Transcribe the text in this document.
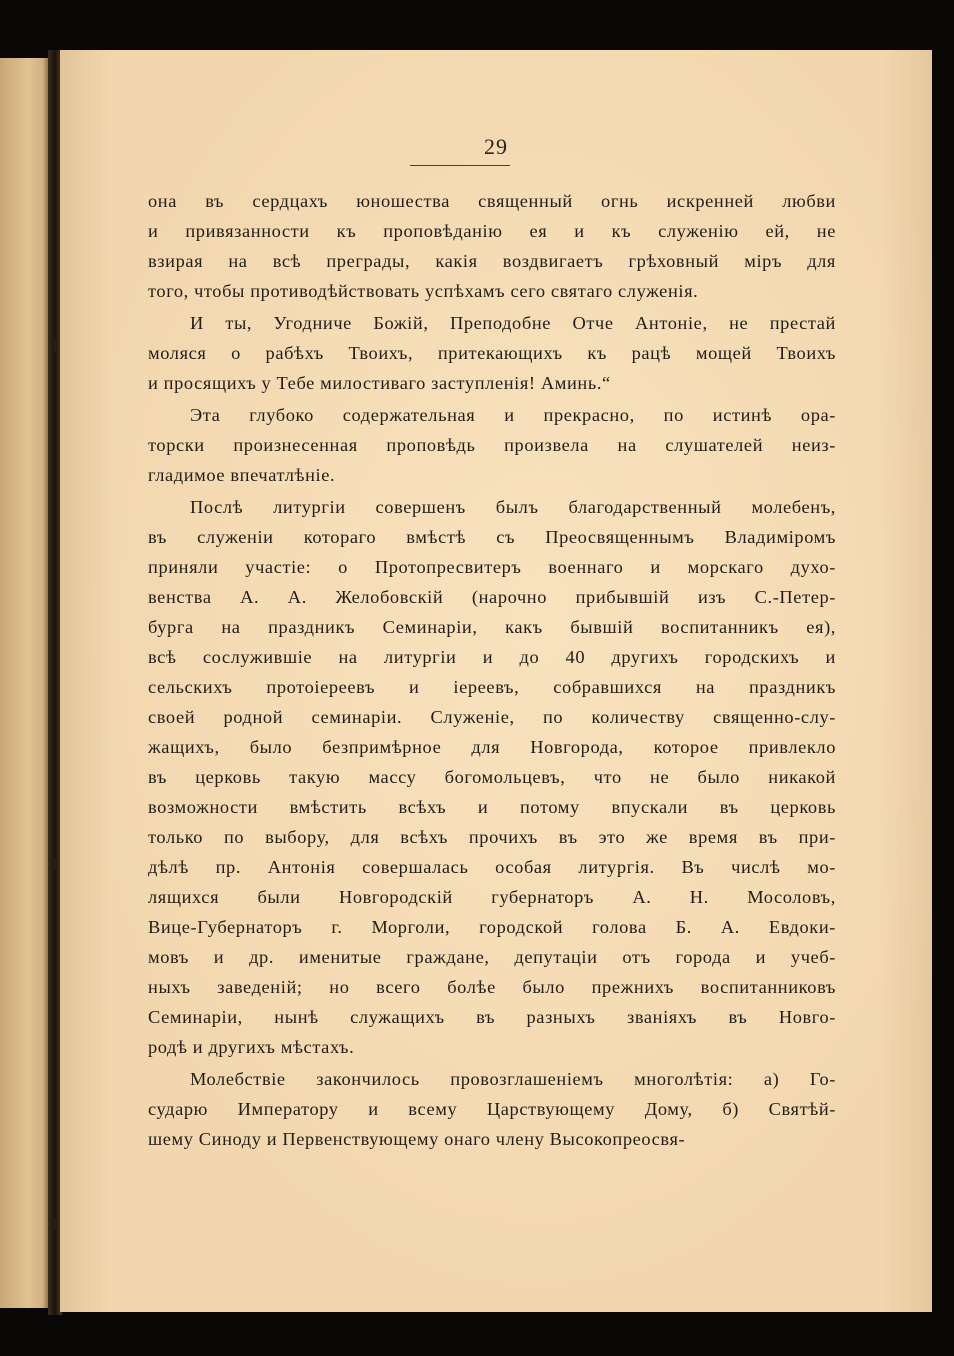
29
она въ сердцахъ юношества священный огнь искренней любви
и привязанности къ проповѣданію ея и къ служенію ей, не
взирая на всѣ преграды, какія воздвигаетъ грѣховный міръ для
того, чтобы противодѣйствовать успѣхамъ сего святаго служенія.
И ты, Угодниче Божій, Преподобне Отче Антоніе, не престай
моляся о рабѣхъ Твоихъ, притекающихъ къ рацѣ мощей Твоихъ
и просящихъ у Тебе милостиваго заступленія! Аминь.“
Эта глубоко содержательная и прекрасно, по истинѣ ора-
торски произнесенная проповѣдь произвела на слушателей неиз-
гладимое впечатлѣніе.
Послѣ литургіи совершенъ былъ благодарственный молебенъ,
въ служеніи котораго вмѣстѣ съ Преосвященнымъ Владиміромъ
приняли участіе: о Протопресвитеръ военнаго и морскаго духо-
венства А. А. Желобовскій (нарочно прибывшій изъ С.-Петер-
бурга на праздникъ Семинаріи, какъ бывшій воспитанникъ ея),
всѣ сослужившіе на литургіи и до 40 другихъ городскихъ и
сельскихъ протоіереевъ и іереевъ, собравшихся на праздникъ
своей родной семинаріи. Служеніе, по количеству священно-слу-
жащихъ, было безпримѣрное для Новгорода, которое привлекло
въ церковь такую массу богомольцевъ, что не было никакой
возможности вмѣстить всѣхъ и потому впускали въ церковь
только по выбору, для всѣхъ прочихъ въ это же время въ при-
дѣлѣ пр. Антонія совершалась особая литургія. Въ числѣ мо-
лящихся были Новгородскій губернаторъ А. Н. Мосоловъ,
Вице-Губернаторъ г. Морголи, городской голова Б. А. Евдоки-
мовъ и др. именитые граждане, депутаціи отъ города и учеб-
ныхъ заведеній; но всего болѣе было прежнихъ воспитанниковъ
Семинаріи, нынѣ служащихъ въ разныхъ званіяхъ въ Новго-
родѣ и другихъ мѣстахъ.
Молебствіе закончилось провозглашеніемъ многолѣтія: а) Го-
сударю Императору и всему Царствующему Дому, б) Святѣй-
шему Синоду и Первенствующему онаго члену Высокопреосвя-
